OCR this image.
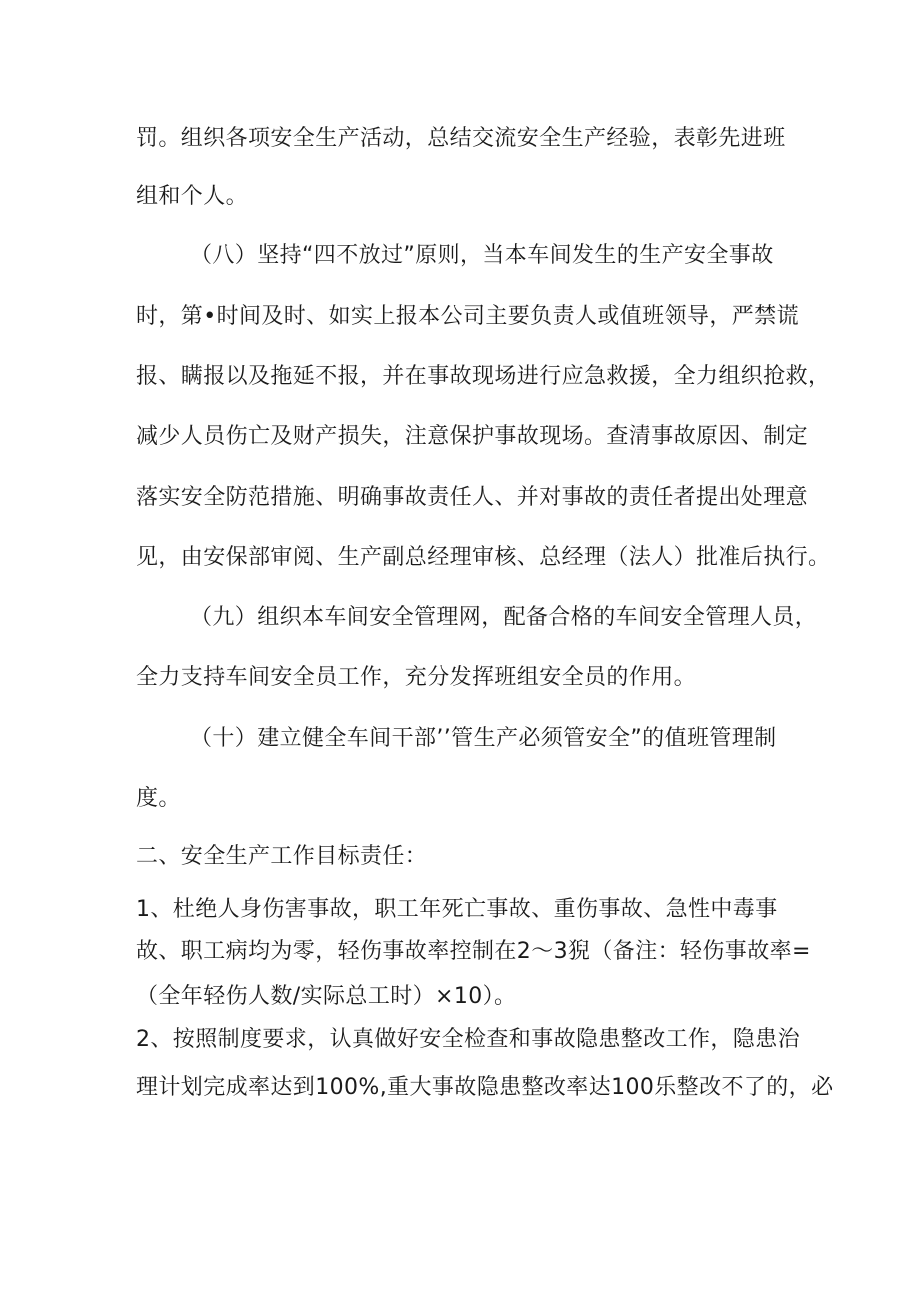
罚。组织各项安全生产活动，总结交流安全生产经验，表彰先进班
组和个人。
（八）坚持“四不放过”原则，当本车间发生的生产安全事故
时，第•时间及时、如实上报本公司主要负责人或值班领导，严禁谎
报、瞒报以及拖延不报，并在事故现场进行应急救援，全力组织抢救，
减少人员伤亡及财产损失，注意保护事故现场。查清事故原因、制定
落实安全防范措施、明确事故责任人、并对事故的责任者提出处理意
见，由安保部审阅、生产副总经理审核、总经理（法人）批准后执行。
（九）组织本车间安全管理网，配备合格的车间安全管理人员，
全力支持车间安全员工作，充分发挥班组安全员的作用。
（十）建立健全车间干部’’管生产必须管安全”的值班管理制
度。
二、安全生产工作目标责任：
1、杜绝人身伤害事故，职工年死亡事故、重伤事故、急性中毒事
故、职工病均为零，轻伤事故率控制在2～3猊（备注：轻伤事故率=
（全年轻伤人数/实际总工时）×10）。
2、按照制度要求，认真做好安全检查和事故隐患整改工作，隐患治
理计划完成率达到100%,重大事故隐患整改率达100乐整改不了的，必
